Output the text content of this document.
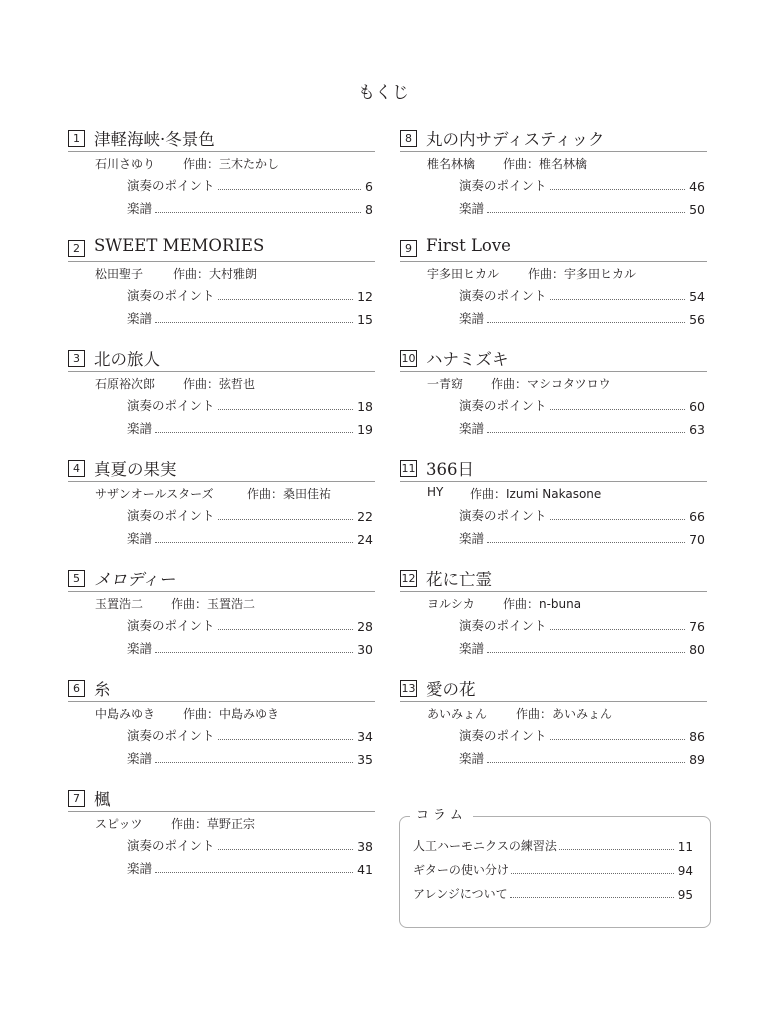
もくじ
1 津軽海峡·冬景色
石川さゆり 作曲：三木たかし
演奏のポイント	6
楽譜	8
2 SWEET MEMORIES
松田聖子 作曲：大村雅朗
演奏のポイント	12
楽譜	15
3 北の旅人
石原裕次郎 作曲：弦哲也
演奏のポイント	18
楽譜	19
4 真夏の果実
サザンオールスターズ	作曲：桑田佳祐
演奏のポイント	22
楽譜	24
5 メロディー
玉置浩二 作曲：玉置浩二
演奏のポイント	28
楽譜	30
6 糸
中島みゆき 作曲：中島みゆき
演奏のポイント	34
楽譜	35
7 楓
スピッツ 作曲：草野正宗
演奏のポイント	38
楽譜	41
8 丸の内サディスティック
椎名林檎 作曲：椎名林檎
演奏のポイント	46
楽譜	50
9 First Love
宇多田ヒカル 作曲：宇多田ヒカル
演奏のポイント	54
楽譜	56
10 ハナミズキ
一青窈 作曲：マシコタツロウ
演奏のポイント	60
楽譜	63
11 366日
HY 作曲：Izumi Nakasone
演奏のポイント	66
楽譜	70
12 花に亡霊
ヨルシカ 作曲：n-buna
演奏のポイント	76
楽譜	80
13 愛の花
あいみょん 作曲：あいみょん
演奏のポイント	86
楽譜	89
コラム
人工ハーモニクスの練習法	11
ギターの使い分け	94
アレンジについて	95
